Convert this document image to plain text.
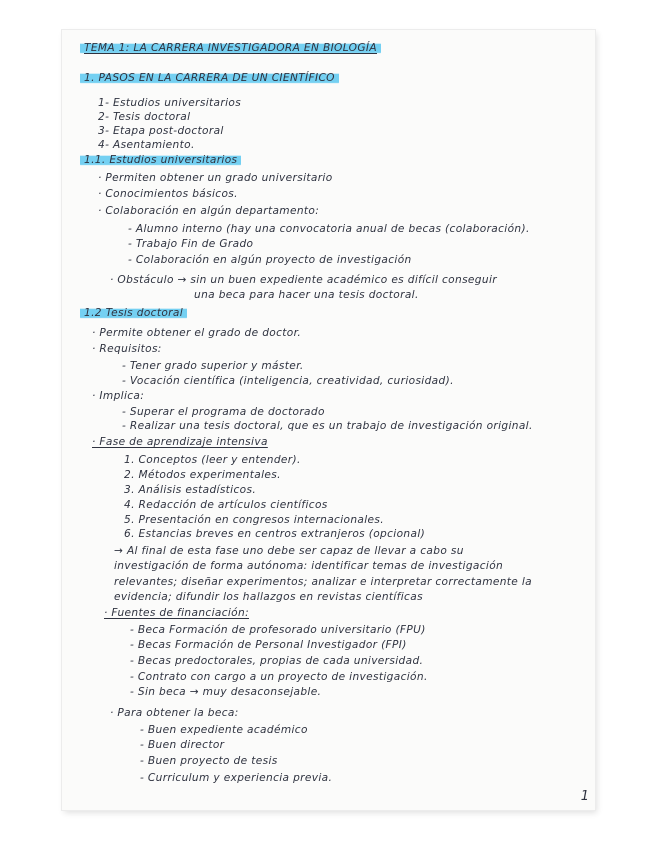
TEMA 1: LA CARRERA INVESTIGADORA EN BIOLOGÍA
1. PASOS EN LA CARRERA DE UN CIENTÍFICO
1- Estudios universitarios
2- Tesis doctoral
3- Etapa post-doctoral
4- Asentamiento.
1.1. Estudios universitarios
· Permiten obtener un grado universitario
· Conocimientos básicos.
· Colaboración en algún departamento:
- Alumno interno (hay una convocatoria anual de becas (colaboración).
- Trabajo Fin de Grado
- Colaboración en algún proyecto de investigación
· Obstáculo → sin un buen expediente académico es difícil conseguir
una beca para hacer una tesis doctoral.
1.2 Tesis doctoral
· Permite obtener el grado de doctor.
· Requisitos:
- Tener grado superior y máster.
- Vocación científica (inteligencia, creatividad, curiosidad).
· Implica:
- Superar el programa de doctorado
- Realizar una tesis doctoral, que es un trabajo de investigación original.
· Fase de aprendizaje intensiva
1. Conceptos (leer y entender).
2. Métodos experimentales.
3. Análisis estadísticos.
4. Redacción de artículos científicos
5. Presentación en congresos internacionales.
6. Estancias breves en centros extranjeros (opcional)
→ Al final de esta fase uno debe ser capaz de llevar a cabo su
investigación de forma autónoma: identificar temas de investigación
relevantes; diseñar experimentos; analizar e interpretar correctamente la
evidencia; difundir los hallazgos en revistas científicas
· Fuentes de financiación:
- Beca Formación de profesorado universitario (FPU)
- Becas Formación de Personal Investigador (FPI)
- Becas predoctorales, propias de cada universidad.
- Contrato con cargo a un proyecto de investigación.
- Sin beca → muy desaconsejable.
· Para obtener la beca:
- Buen expediente académico
- Buen director
- Buen proyecto de tesis
- Curriculum y experiencia previa.
1
